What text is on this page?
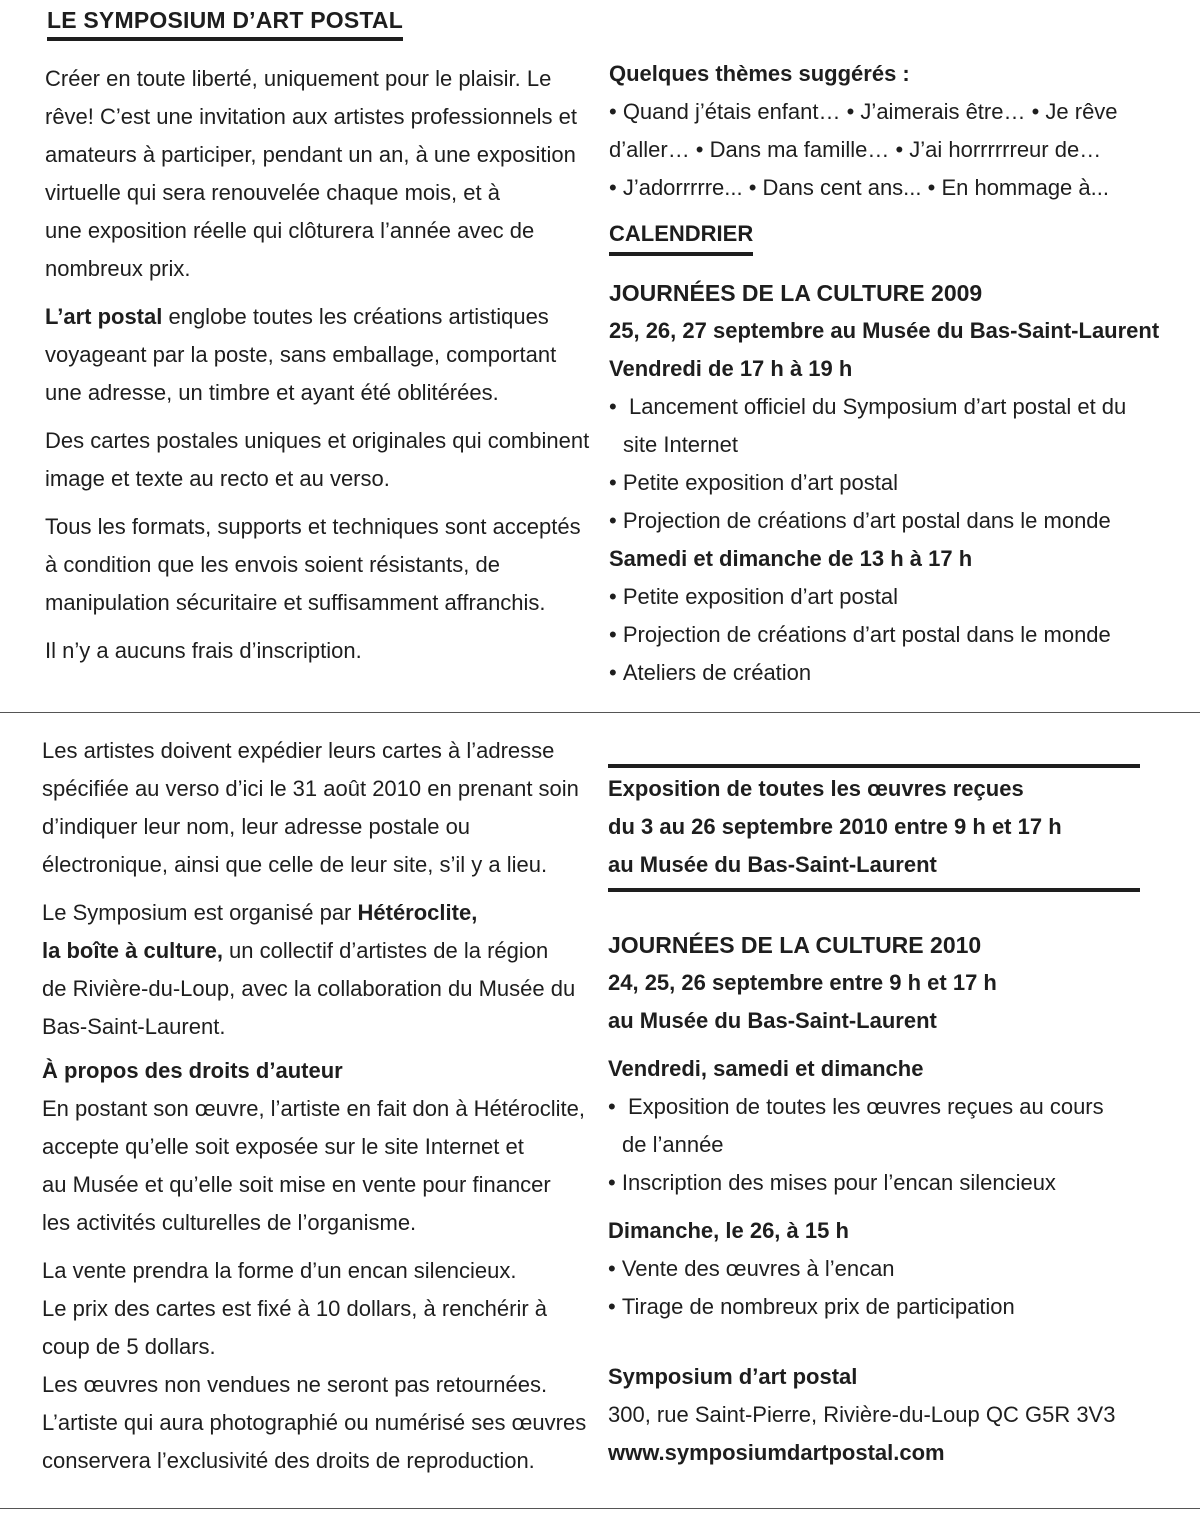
LE SYMPOSIUM D’ART POSTAL

Créer en toute liberté, uniquement pour le plaisir. Le
rêve! C’est une invitation aux artistes professionnels et
amateurs à participer, pendant un an, à une exposition
virtuelle qui sera renouvelée chaque mois, et à
une exposition réelle qui clôturera l’année avec de
nombreux prix.

L’art postal englobe toutes les créations artistiques
voyageant par la poste, sans emballage, comportant
une adresse, un timbre et ayant été oblitérées.

Des cartes postales uniques et originales qui combinent
image et texte au recto et au verso.

Tous les formats, supports et techniques sont acceptés
à condition que les envois soient résistants, de
manipulation sécuritaire et suffisamment affranchis.

Il n’y a aucuns frais d’inscription.

Quelques thèmes suggérés :

• Quand j’étais enfant… • J’aimerais être… • Je rêve
d’aller… • Dans ma famille… • J’ai horrrrrreur de…
• J’adorrrrre... • Dans cent ans... • En hommage à...

CALENDRIER

JOURNÉES DE LA CULTURE 2009

25, 26, 27 septembre au Musée du Bas-Saint-Laurent

Vendredi de 17 h à 19 h

• Lancement officiel du Symposium d’art postal et du
site Internet

• Petite exposition d’art postal

• Projection de créations d’art postal dans le monde

Samedi et dimanche de 13 h à 17 h

• Petite exposition d’art postal

• Projection de créations d’art postal dans le monde

• Ateliers de création

Les artistes doivent expédier leurs cartes à l’adresse
spécifiée au verso d’ici le 31 août 2010 en prenant soin
d’indiquer leur nom, leur adresse postale ou
électronique, ainsi que celle de leur site, s’il y a lieu.

Le Symposium est organisé par Hétéroclite,
la boîte à culture, un collectif d’artistes de la région
de Rivière-du-Loup, avec la collaboration du Musée du
Bas-Saint-Laurent.

À propos des droits d’auteur

En postant son œuvre, l’artiste en fait don à Hétéroclite,
accepte qu’elle soit exposée sur le site Internet et
au Musée et qu’elle soit mise en vente pour financer
les activités culturelles de l’organisme.

La vente prendra la forme d’un encan silencieux.
Le prix des cartes est fixé à 10 dollars, à renchérir à
coup de 5 dollars.
Les œuvres non vendues ne seront pas retournées.
L’artiste qui aura photographié ou numérisé ses œuvres
conservera l’exclusivité des droits de reproduction.

Exposition de toutes les œuvres reçues
du 3 au 26 septembre 2010 entre 9 h et 17 h
au Musée du Bas-Saint-Laurent

JOURNÉES DE LA CULTURE 2010

24, 25, 26 septembre entre 9 h et 17 h

au Musée du Bas-Saint-Laurent

Vendredi, samedi et dimanche

• Exposition de toutes les œuvres reçues au cours
de l’année

• Inscription des mises pour l’encan silencieux

Dimanche, le 26, à 15 h

• Vente des œuvres à l’encan

• Tirage de nombreux prix de participation

Symposium d’art postal

300, rue Saint-Pierre, Rivière-du-Loup QC G5R 3V3

www.symposiumdartpostal.com
